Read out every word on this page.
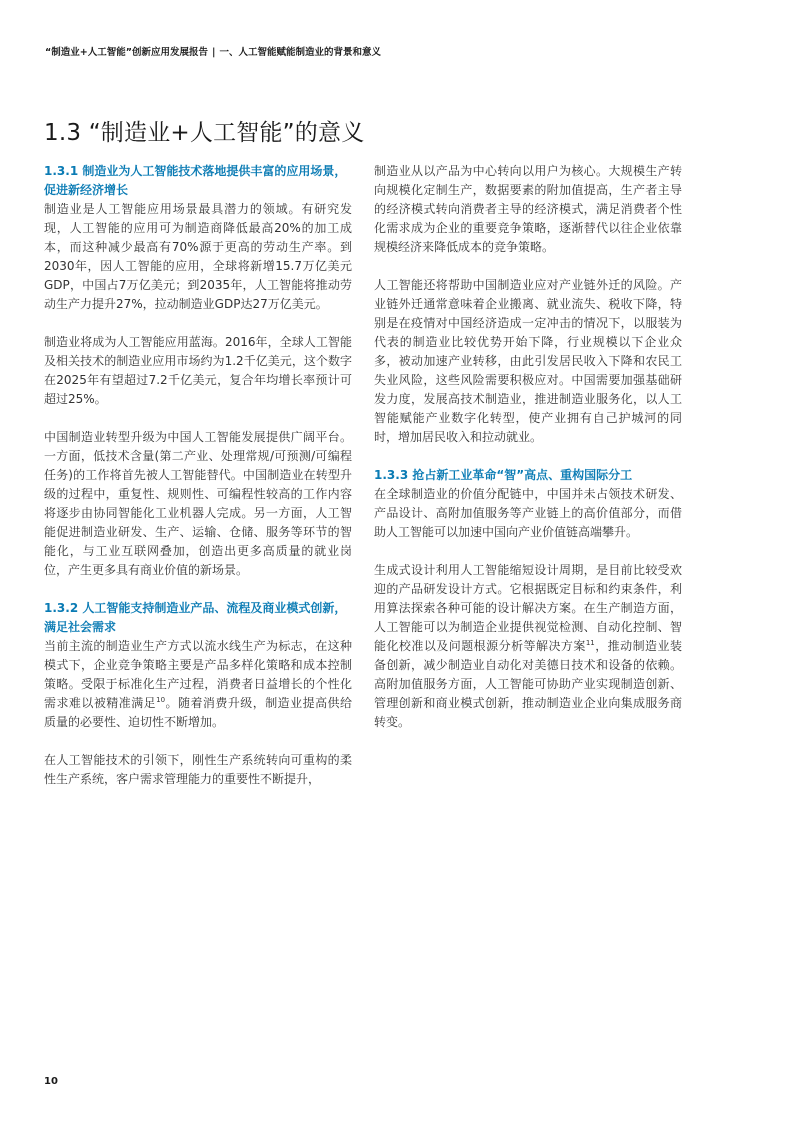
“制造业+人工智能”创新应用发展报告 | 一、人工智能赋能制造业的背景和意义
1.3 “制造业+人工智能”的意义

1.3.1 制造业为人工智能技术落地提供丰富的应用场景，促进新经济增长

制造业是人工智能应用场景最具潜力的领域。有研究发现，人工智能的应用可为制造商降低最高20%的加工成本，而这种减少最高有70%源于更高的劳动生产率。到2030年，因人工智能的应用，全球将新增15.7万亿美元GDP，中国占7万亿美元；到2035年，人工智能将推动劳动生产力提升27%，拉动制造业GDP达27万亿美元。

制造业将成为人工智能应用蓝海。2016年，全球人工智能及相关技术的制造业应用市场约为1.2千亿美元，这个数字在2025年有望超过7.2千亿美元，复合年均增长率预计可超过25%。

中国制造业转型升级为中国人工智能发展提供广阔平台。一方面，低技术含量(第二产业、处理常规/可预测/可编程任务)的工作将首先被人工智能替代。中国制造业在转型升级的过程中，重复性、规则性、可编程性较高的工作内容将逐步由协同智能化工业机器人完成。另一方面，人工智能促进制造业研发、生产、运输、仓储、服务等环节的智能化，与工业互联网叠加，创造出更多高质量的就业岗位，产生更多具有商业价值的新场景。

1.3.2 人工智能支持制造业产品、流程及商业模式创新，满足社会需求

当前主流的制造业生产方式以流水线生产为标志，在这种模式下，企业竞争策略主要是产品多样化策略和成本控制策略。受限于标准化生产过程，消费者日益增长的个性化需求难以被精准满足$^{10}$。随着消费升级，制造业提高供给质量的必要性、迫切性不断增加。

在人工智能技术的引领下，刚性生产系统转向可重构的柔性生产系统，客户需求管理能力的重要性不断提升，

制造业从以产品为中心转向以用户为核心。大规模生产转向规模化定制生产，数据要素的附加值提高，生产者主导的经济模式转向消费者主导的经济模式，满足消费者个性化需求成为企业的重要竞争策略，逐渐替代以往企业依靠规模经济来降低成本的竞争策略。

人工智能还将帮助中国制造业应对产业链外迁的风险。产业链外迁通常意味着企业搬离、就业流失、税收下降，特别是在疫情对中国经济造成一定冲击的情况下，以服装为代表的制造业比较优势开始下降，行业规模以下企业众多，被动加速产业转移，由此引发居民收入下降和农民工失业风险，这些风险需要积极应对。中国需要加强基础研发力度，发展高技术制造业，推进制造业服务化，以人工智能赋能产业数字化转型，使产业拥有自己护城河的同时，增加居民收入和拉动就业。

1.3.3 抢占新工业革命“智”高点、重构国际分工

在全球制造业的价值分配链中，中国并未占领技术研发、产品设计、高附加值服务等产业链上的高价值部分，而借助人工智能可以加速中国向产业价值链高端攀升。

生成式设计利用人工智能缩短设计周期，是目前比较受欢迎的产品研发设计方式。它根据既定目标和约束条件，利用算法探索各种可能的设计解决方案。在生产制造方面，人工智能可以为制造企业提供视觉检测、自动化控制、智能化校准以及问题根源分析等解决方案$^{11}$，推动制造业装备创新，减少制造业自动化对美德日技术和设备的依赖。高附加值服务方面，人工智能可协助产业实现制造创新、管理创新和商业模式创新，推动制造业企业向集成服务商转变。

10
